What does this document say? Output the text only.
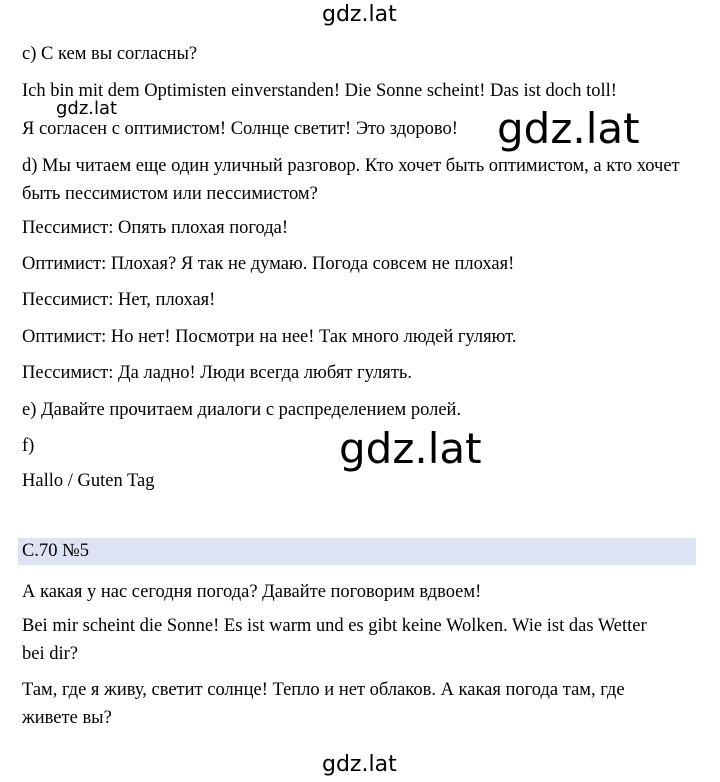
gdz.lat
c) С кем вы согласны?
Ich bin mit dem Optimisten einverstanden! Die Sonne scheint! Das ist doch toll!
gdz.lat
Я согласен с оптимистом! Солнце светит! Это здорово! gdz.lat
d) Мы читаем еще один уличный разговор. Кто хочет быть оптимистом, а кто хочет быть пессимистом или пессимистом?
Пессимист: Опять плохая погода!
Оптимист: Плохая? Я так не думаю. Погода совсем не плохая!
Пессимист: Нет, плохая!
Оптимист: Но нет! Посмотри на нее! Так много людей гуляют.
Пессимист: Да ладно! Люди всегда любят гулять.
e) Давайте прочитаем диалоги с распределением ролей.
f)	gdz.lat
Hallo / Guten Tag
С.70 №5
А какая у нас сегодня погода? Давайте поговорим вдвоем!
Bei mir scheint die Sonne! Es ist warm und es gibt keine Wolken. Wie ist das Wetter bei dir?
Там, где я живу, светит солнце! Тепло и нет облаков. А какая погода там, где живете вы?
gdz.lat
